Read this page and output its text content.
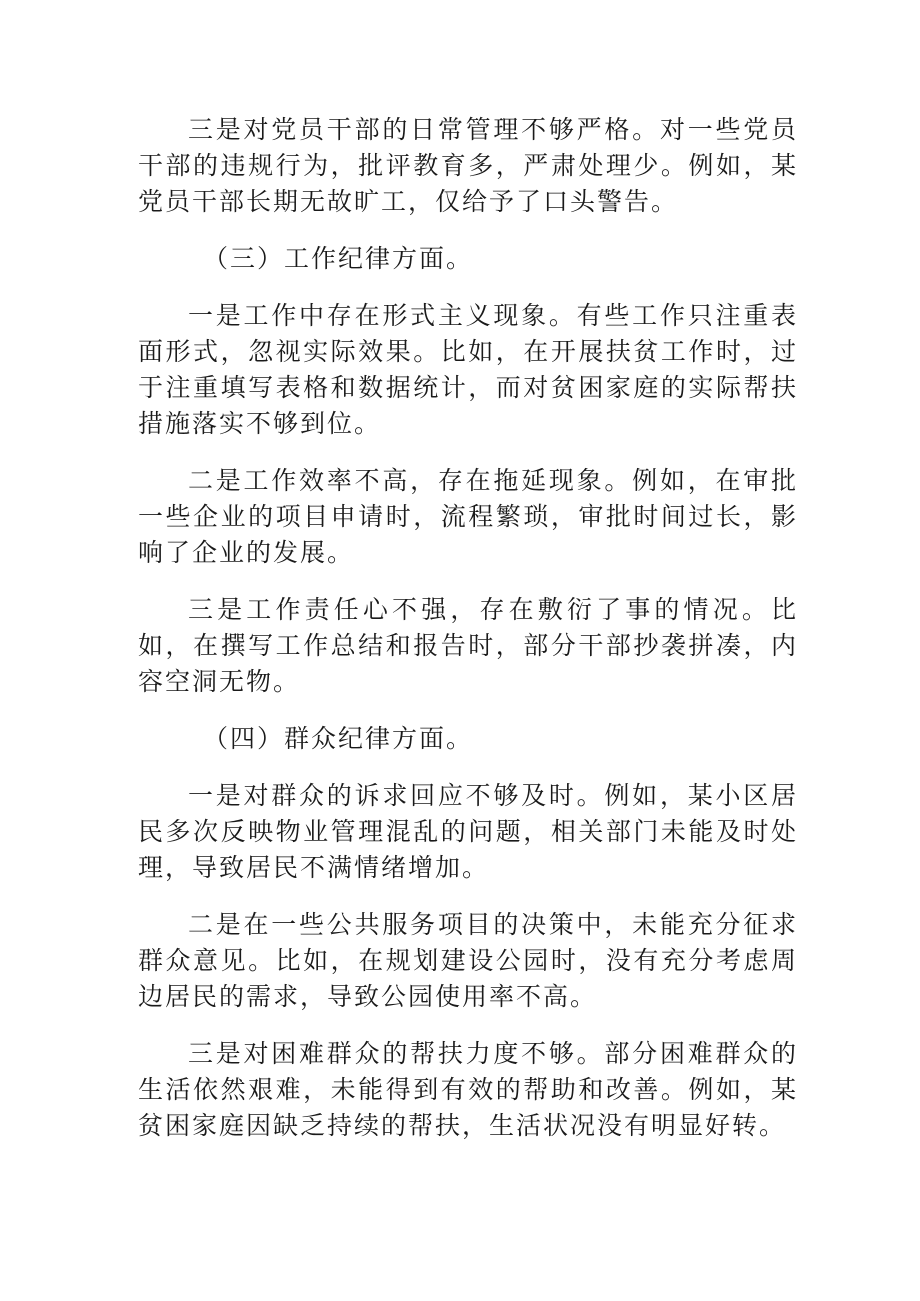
三是对党员干部的日常管理不够严格。对一些党员干部的违规行为，批评教育多，严肃处理少。例如，某党员干部长期无故旷工，仅给予了口头警告。

（三）工作纪律方面。

一是工作中存在形式主义现象。有些工作只注重表面形式，忽视实际效果。比如，在开展扶贫工作时，过于注重填写表格和数据统计，而对贫困家庭的实际帮扶措施落实不够到位。

二是工作效率不高，存在拖延现象。例如，在审批一些企业的项目申请时，流程繁琐，审批时间过长，影响了企业的发展。

三是工作责任心不强，存在敷衍了事的情况。比如，在撰写工作总结和报告时，部分干部抄袭拼凑，内容空洞无物。

（四）群众纪律方面。

一是对群众的诉求回应不够及时。例如，某小区居民多次反映物业管理混乱的问题，相关部门未能及时处理，导致居民不满情绪增加。

二是在一些公共服务项目的决策中，未能充分征求群众意见。比如，在规划建设公园时，没有充分考虑周边居民的需求，导致公园使用率不高。

三是对困难群众的帮扶力度不够。部分困难群众的生活依然艰难，未能得到有效的帮助和改善。例如，某贫困家庭因缺乏持续的帮扶，生活状况没有明显好转。
